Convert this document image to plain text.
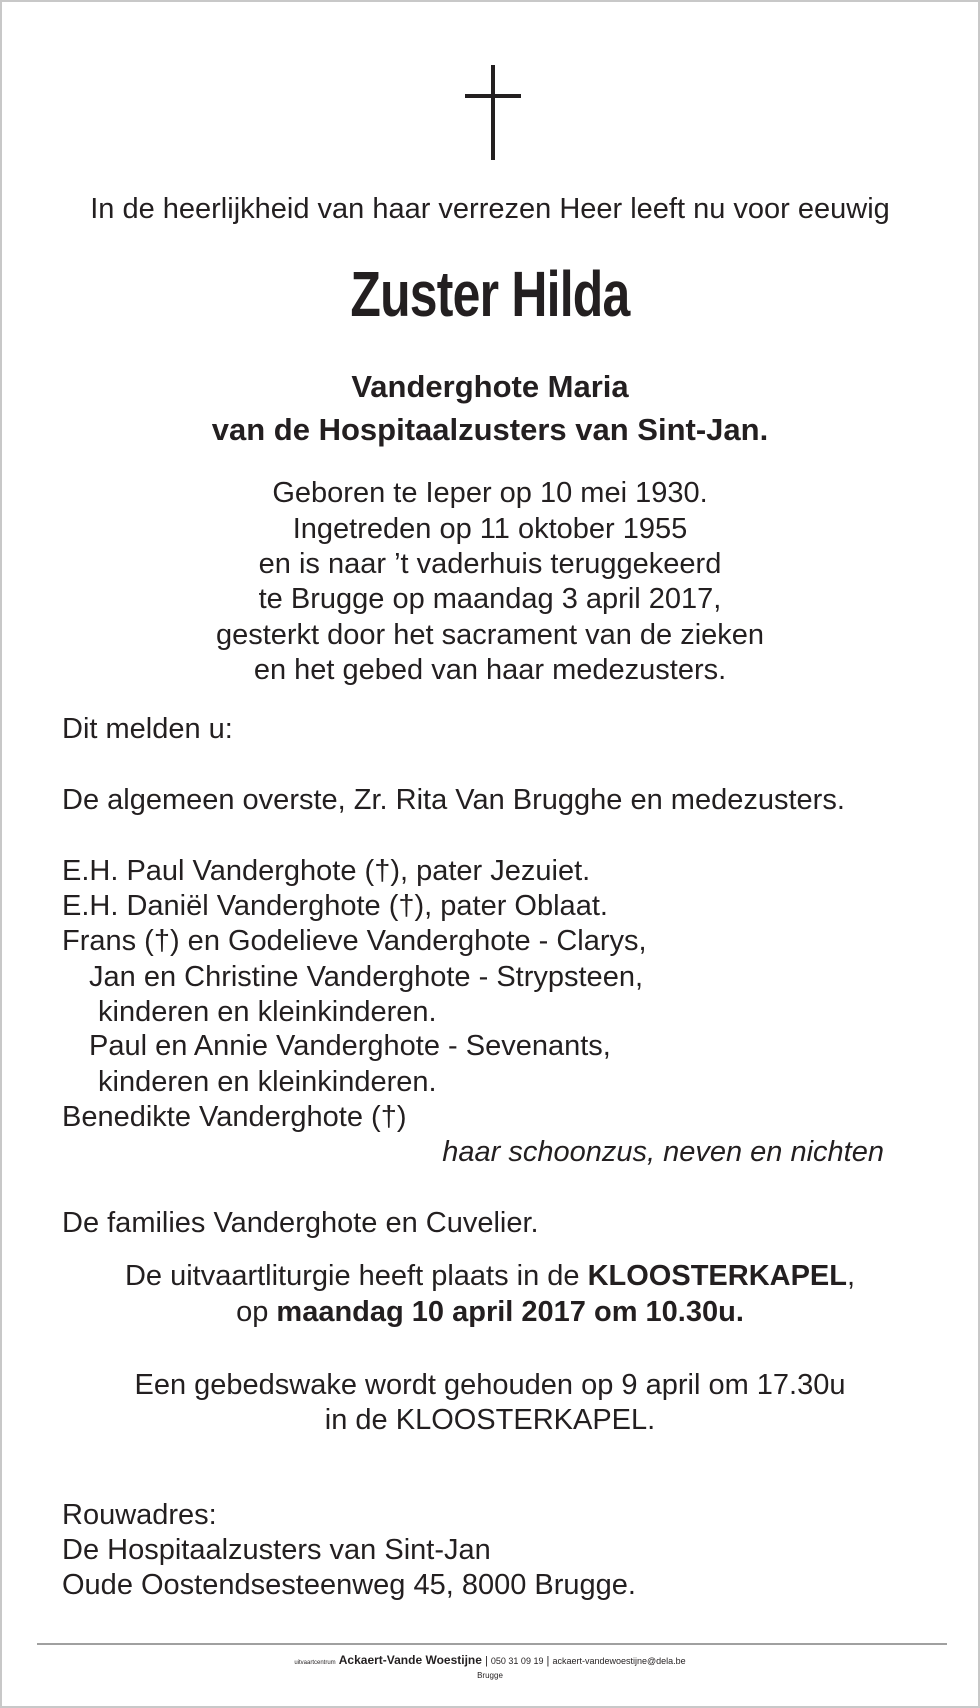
In de heerlijkheid van haar verrezen Heer leeft nu voor eeuwig
Zuster Hilda
Vanderghote Maria
van de Hospitaalzusters van Sint-Jan.
Geboren te Ieper op 10 mei 1930.
Ingetreden op 11 oktober 1955
en is naar ’t vaderhuis teruggekeerd
te Brugge op maandag 3 april 2017,
gesterkt door het sacrament van de zieken
en het gebed van haar medezusters.
Dit melden u:
De algemeen overste, Zr. Rita Van Brugghe en medezusters.
E.H. Paul Vanderghote (†), pater Jezuiet.
E.H. Daniël Vanderghote (†), pater Oblaat.
Frans (†) en Godelieve Vanderghote - Clarys,
Jan en Christine Vanderghote - Strypsteen,
kinderen en kleinkinderen.
Paul en Annie Vanderghote - Sevenants,
kinderen en kleinkinderen.
Benedikte Vanderghote (†)
haar schoonzus, neven en nichten
De families Vanderghote en Cuvelier.
De uitvaartliturgie heeft plaats in de KLOOSTERKAPEL,
op maandag 10 april 2017 om 10.30u.
Een gebedswake wordt gehouden op 9 april om 17.30u
in de KLOOSTERKAPEL.
Rouwadres:
De Hospitaalzusters van Sint-Jan
Oude Oostendsesteenweg 45, 8000 Brugge.
uitvaartcentrum Ackaert-Vande Woestijne | 050 31 09 19 | ackaert-vandewoestijne@dela.be
Brugge
